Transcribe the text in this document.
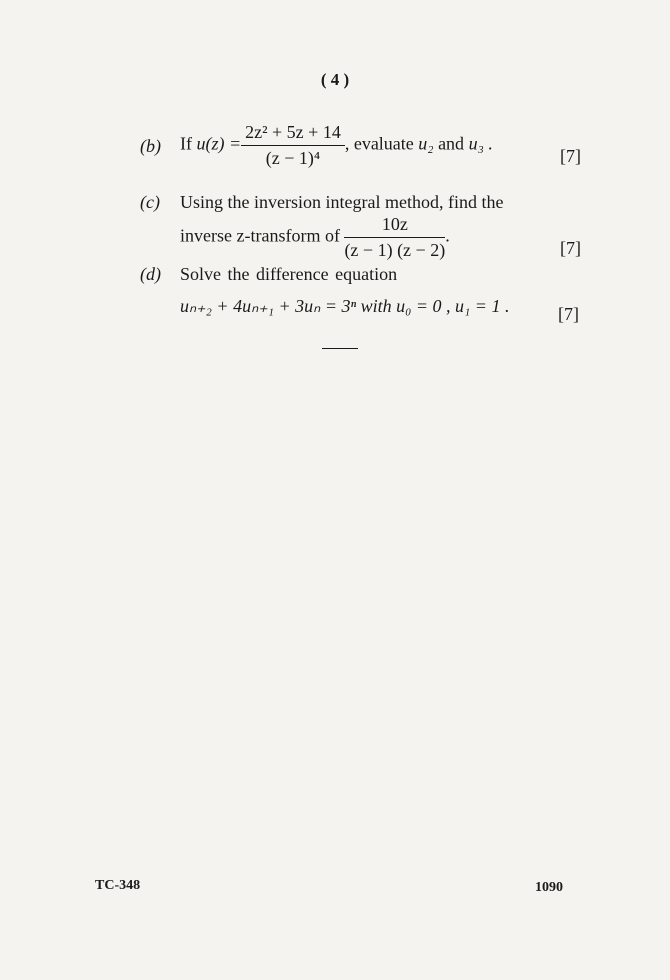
( 4 )
(b) If $u(z) = \frac{\text{2z² + 5z + 14}}{\text{(z − 1)⁴}}$ , evaluate u₂ and u₃ .
[7]
(c) Using the inversion integral method, find the
inverse z-transform of $\frac{10z}{(z - 1) (z - 2)}$ .
[7]
(d) Solve the difference equation
uₙ₊₂ + 4uₙ₊₁ + 3uₙ = 3ⁿ with u₀ = 0 , u₁ = 1 .	[7]
TC-348	1090
